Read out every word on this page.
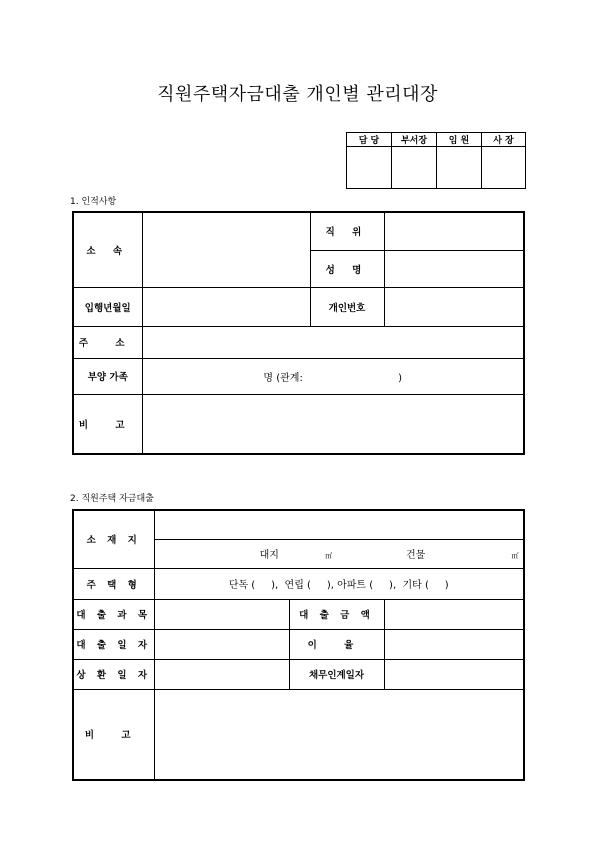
직원주택자금대출 개인별 관리대장
담 당	부서장	임 원	사 장

1. 인적사항
소 속		직 위	
		성 명	
입행년월일		개인번호	
주 소			
부양 가족	명 (관계:                              )		
비 고			
2. 직원주택 자금대출
소 재 지			
	대지 ㎡ 건물 ㎡		
주 택 형	단독 (     ),  연립 (     ), 아파트 (     ),  기타 (     )		
대 출 과 목		대 출 금 액	
대 출 일 자		이 율	
상 환 일 자		채무인계일자	
비 고			
